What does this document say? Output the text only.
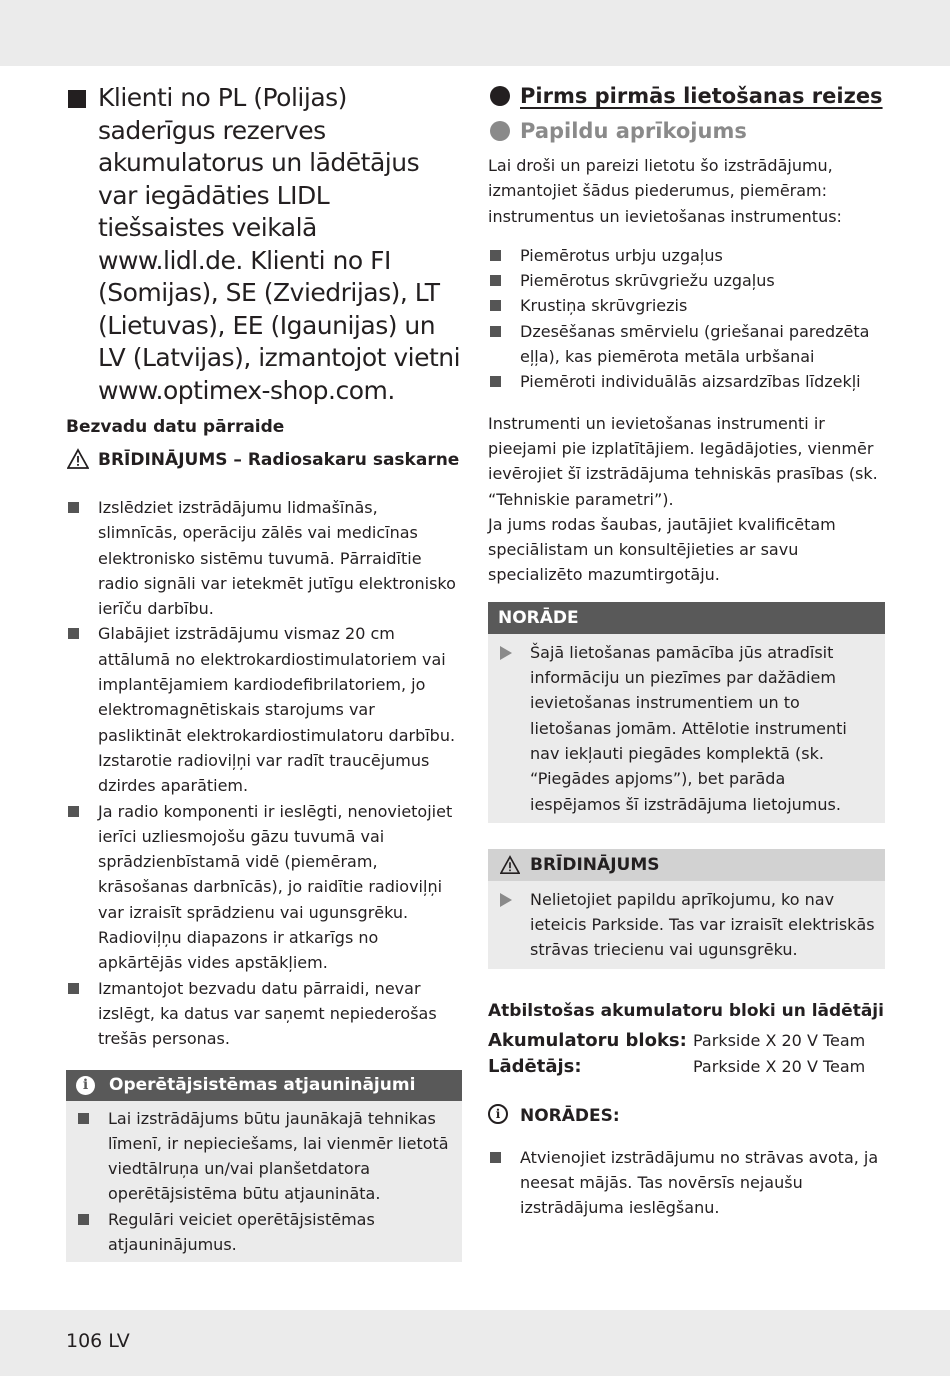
Klienti no PL (Polijas) saderīgus rezerves akumulatorus un lādētājus var iegādāties LIDL tiešsaistes veikalā www.lidl.de. Klienti no FI (Somijas), SE (Zviedrijas), LT (Lietuvas), EE (Igaunijas) un LV (Latvijas), izmantojot vietni www.optimex-shop.com.
Bezvadu datu pārraide
BRĪDINĀJUMS – Radiosakaru saskarne
Izslēdziet izstrādājumu lidmašīnās, slimnīcās, operāciju zālēs vai medicīnas elektronisko sistēmu tuvumā. Pārraidītie radio signāli var ietekmēt jutīgu elektronisko ierīču darbību.
Glabājiet izstrādājumu vismaz 20 cm attālumā no elektrokardiostimulatoriem vai implantējamiem kardiodefibrilatoriem, jo elektromagnētiskais starojums var pasliktināt elektrokardiostimulatoru darbību. Izstarotie radioviļņi var radīt traucējumus dzirdes aparātiem.
Ja radio komponenti ir ieslēgti, nenovietojiet ierīci uzliesmojošu gāzu tuvumā vai sprādzienbīstamā vidē (piemēram, krāsošanas darbnīcās), jo raidītie radioviļņi var izraisīt sprādzienu vai ugunsgrēku. Radioviļņu diapazons ir atkarīgs no apkārtējās vides apstākļiem.
Izmantojot bezvadu datu pārraidi, nevar izslēgt, ka datus var saņemt nepiederošas trešās personas.
i	Operētājsistēmas atjauninājumi
Lai izstrādājums būtu jaunākajā tehnikas līmenī, ir nepieciešams, lai vienmēr lietotā viedtālruņa un/vai planšetdatora operētājsistēma būtu atjaunināta.
Regulāri veiciet operētājsistēmas atjauninājumus.
Pirms pirmās lietošanas reizes
Papildu aprīkojums

Lai droši un pareizi lietotu šo izstrādājumu, izmantojiet šādus piederumus, piemēram: instrumentus un ievietošanas instrumentus:

Piemērotus urbju uzgaļus
Piemērotus skrūvgriežu uzgaļus
Krustiņa skrūvgriezis
Dzesēšanas smērvielu (griešanai paredzēta eļļa), kas piemērota metāla urbšanai
Piemēroti individuālās aizsardzības līdzekļi

Instrumenti un ievietošanas instrumenti ir pieejami pie izplatītājiem. Iegādājoties, vienmēr ievērojiet šī izstrādājuma tehniskās prasības (sk. “Tehniskie parametri”).

Ja jums rodas šaubas, jautājiet kvalificētam speciālistam un konsultējieties ar savu specializēto mazumtirgotāju.

NORĀDE
Šajā lietošanas pamācība jūs atradīsit informāciju un piezīmes par dažādiem ievietošanas instrumentiem un to lietošanas jomām. Attēlotie instrumenti nav iekļauti piegādes komplektā (sk. “Piegādes apjoms”), bet parāda iespējamos šī izstrādājuma lietojumus.
BRĪDINĀJUMS
Nelietojiet papildu aprīkojumu, ko nav ieteicis Parkside. Tas var izraisīt elektriskās strāvas triecienu vai ugunsgrēku.
Atbilstošas akumulatoru bloki un lādētāji
Akumulatoru bloks: Parkside X 20 V Team
Lādētājs:	Parkside X 20 V Team
i	NORĀDES:
Atvienojiet izstrādājumu no strāvas avota, ja neesat mājās. Tas novērsīs nejaušu izstrādājuma ieslēgšanu.
106 LV
